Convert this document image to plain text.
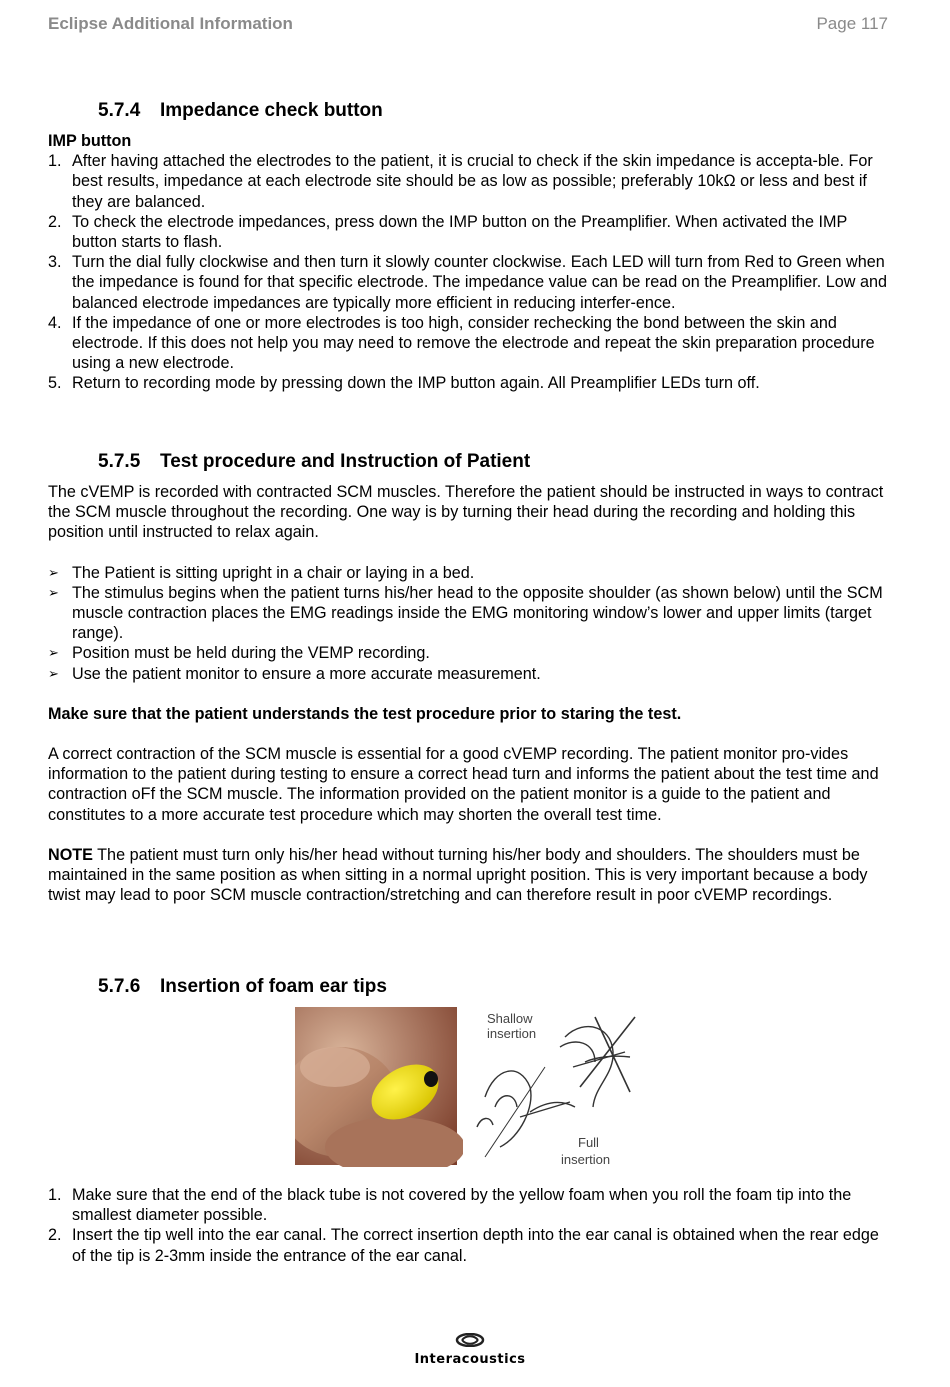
Eclipse Additional Information	Page 117
5.7.4 Impedance check button
IMP button
1. After having attached the electrodes to the patient, it is crucial to check if the skin impedance is accepta-ble. For best results, impedance at each electrode site should be as low as possible; preferably 10kΩ or less and best if they are balanced.
2. To check the electrode impedances, press down the IMP button on the Preamplifier. When activated the IMP button starts to flash.
3. Turn the dial fully clockwise and then turn it slowly counter clockwise. Each LED will turn from Red to Green when the impedance is found for that specific electrode. The impedance value can be read on the Preamplifier. Low and balanced electrode impedances are typically more efficient in reducing interfer-ence.
4. If the impedance of one or more electrodes is too high, consider rechecking the bond between the skin and electrode. If this does not help you may need to remove the electrode and repeat the skin preparation procedure using a new electrode.
5. Return to recording mode by pressing down the IMP button again. All Preamplifier LEDs turn off.
5.7.5 Test procedure and Instruction of Patient

The cVEMP is recorded with contracted SCM muscles. Therefore the patient should be instructed in ways to contract the SCM muscle throughout the recording. One way is by turning their head during the recording and holding this position until instructed to relax again.

➢ The Patient is sitting upright in a chair or laying in a bed.
➢ The stimulus begins when the patient turns his/her head to the opposite shoulder (as shown below) until the SCM muscle contraction places the EMG readings inside the EMG monitoring window’s lower and upper limits (target range).
➢ Position must be held during the VEMP recording.
➢ Use the patient monitor to ensure a more accurate measurement.

Make sure that the patient understands the test procedure prior to staring the test.

A correct contraction of the SCM muscle is essential for a good cVEMP recording. The patient monitor pro-vides information to the patient during testing to ensure a correct head turn and informs the patient about the test time and contraction oFf the SCM muscle. The information provided on the patient monitor is a guide to the patient and constitutes to a more accurate test procedure which may shorten the overall test time.

NOTE The patient must turn only his/her head without turning his/her body and shoulders. The shoulders must be maintained in the same position as when sitting in a normal upright position. This is very important because a body twist may lead to poor SCM muscle contraction/stretching and can therefore result in poor cVEMP recordings.

5.7.6 Insertion of foam ear tips
1. Make sure that the end of the black tube is not covered by the yellow foam when you roll the foam tip into the smallest diameter possible.
2. Insert the tip well into the ear canal. The correct insertion depth into the ear canal is obtained when the rear edge of the tip is 2-3mm inside the entrance of the ear canal.
Shallow
insertion
Full
insertion
Interacoustics
